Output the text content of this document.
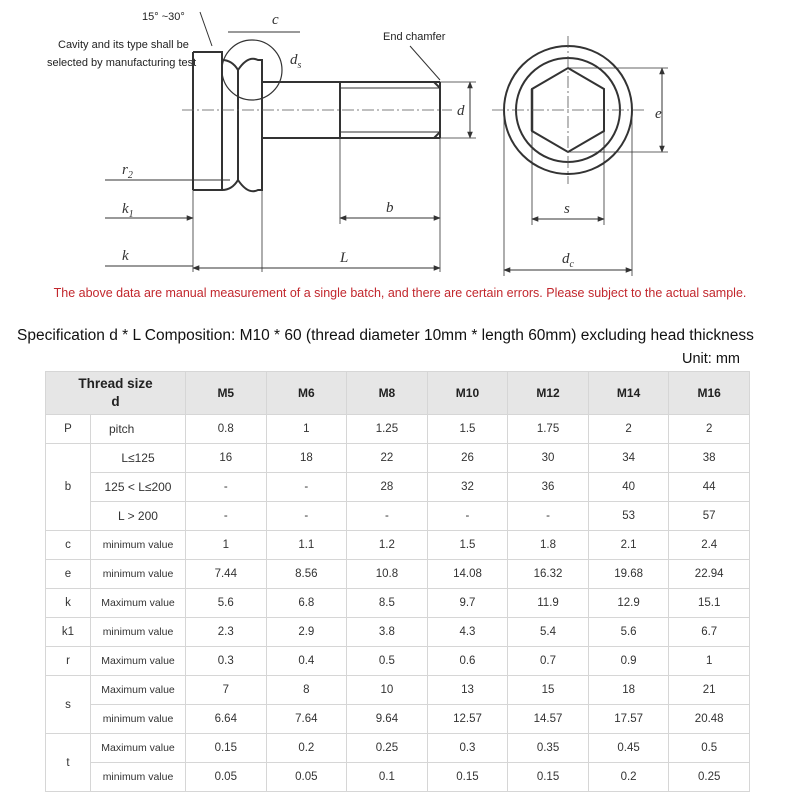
15° ~30°
Cavity and its type shall be
selected by manufacturing test
c
$d_s$
End chamfer
d
$r_2$
$k_1$	b
k	L
e
s
$d_c$
The above data are manual measurement of a single batch, and there are certain errors. Please subject to the actual sample.
Specification d * L Composition: M10 * 60 (thread diameter 10mm * length 60mm) excluding head thickness
Unit: mm
Thread size
d		M5	M6	M8	M10	M12	M14	M16
P	pitch	0.8	1	1.25	1.5	1.75	2	2
b	L≤125	16	18	22	26	30	34	38
	125 < L≤200	-	-	28	32	36	40	44
	L > 200	-	-	-	-	-	53	57
c	minimum value	1	1.1	1.2	1.5	1.8	2.1	2.4
e	minimum value	7.44	8.56	10.8	14.08	16.32	19.68	22.94
k	Maximum value	5.6	6.8	8.5	9.7	11.9	12.9	15.1
k1	minimum value	2.3	2.9	3.8	4.3	5.4	5.6	6.7
r	Maximum value	0.3	0.4	0.5	0.6	0.7	0.9	1
s	Maximum value	7	8	10	13	15	18	21
	minimum value	6.64	7.64	9.64	12.57	14.57	17.57	20.48
t	Maximum value	0.15	0.2	0.25	0.3	0.35	0.45	0.5
	minimum value	0.05	0.05	0.1	0.15	0.15	0.2	0.25
